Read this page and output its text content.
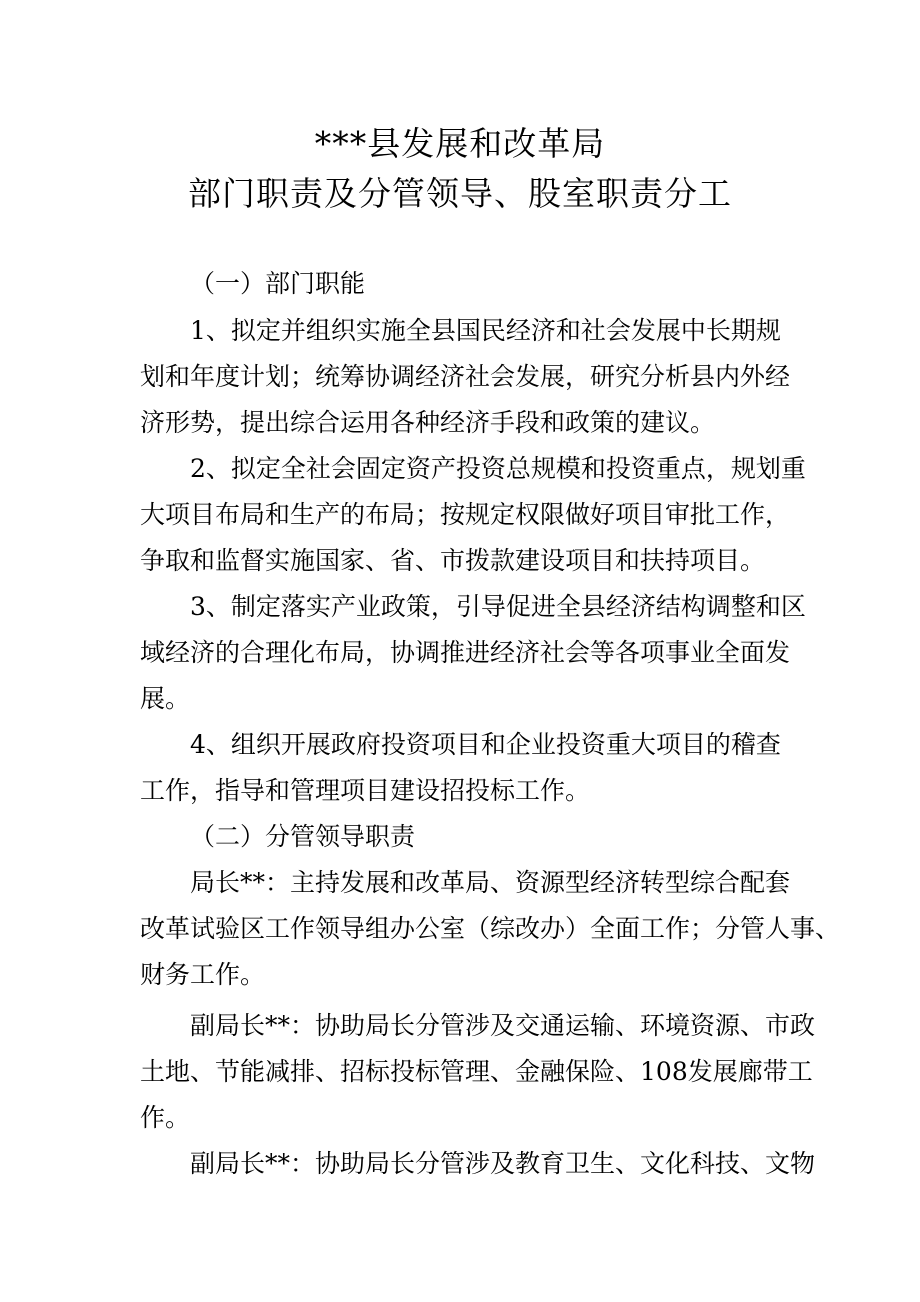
***县发展和改革局
部门职责及分管领导、股室职责分工
（一）部门职能
1、拟定并组织实施全县国民经济和社会发展中长期规
划和年度计划；统筹协调经济社会发展，研究分析县内外经
济形势，提出综合运用各种经济手段和政策的建议。
2、拟定全社会固定资产投资总规模和投资重点，规划重
大项目布局和生产的布局；按规定权限做好项目审批工作，
争取和监督实施国家、省、市拨款建设项目和扶持项目。
3、制定落实产业政策，引导促进全县经济结构调整和区
域经济的合理化布局，协调推进经济社会等各项事业全面发
展。
4、组织开展政府投资项目和企业投资重大项目的稽查
工作，指导和管理项目建设招投标工作。
（二）分管领导职责
局长**：主持发展和改革局、资源型经济转型综合配套
改革试验区工作领导组办公室（综改办）全面工作；分管人事、
财务工作。
副局长**：协助局长分管涉及交通运输、环境资源、市政
土地、节能减排、招标投标管理、金融保险、108发展廊带工
作。
副局长**：协助局长分管涉及教育卫生、文化科技、文物
